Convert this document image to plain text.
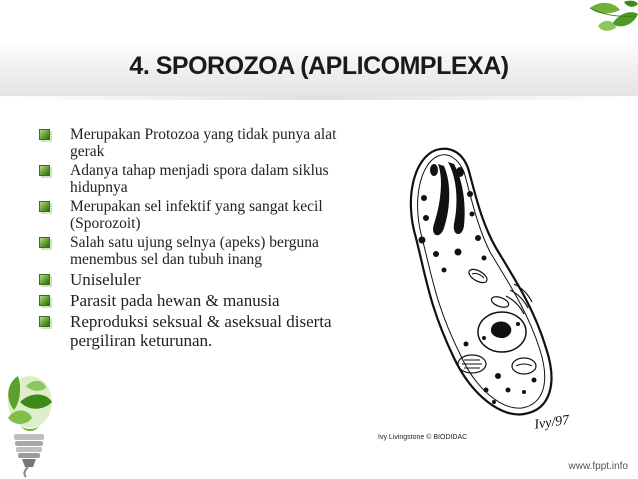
4. SPOROZOA (APLICOMPLEXA)
Merupakan Protozoa yang tidak punya alat gerak
Adanya tahap menjadi spora dalam siklus hidupnya
Merupakan sel infektif yang sangat kecil (Sporozoit)
Salah satu ujung selnya (apeks) berguna menembus sel dan tubuh inang
Uniseluler
Parasit pada hewan & manusia
Reproduksi seksual & aseksual diserta pergiliran keturunan.
Ivy Livingstone © BIODIDAC
Ivy/97
www.fppt.info
